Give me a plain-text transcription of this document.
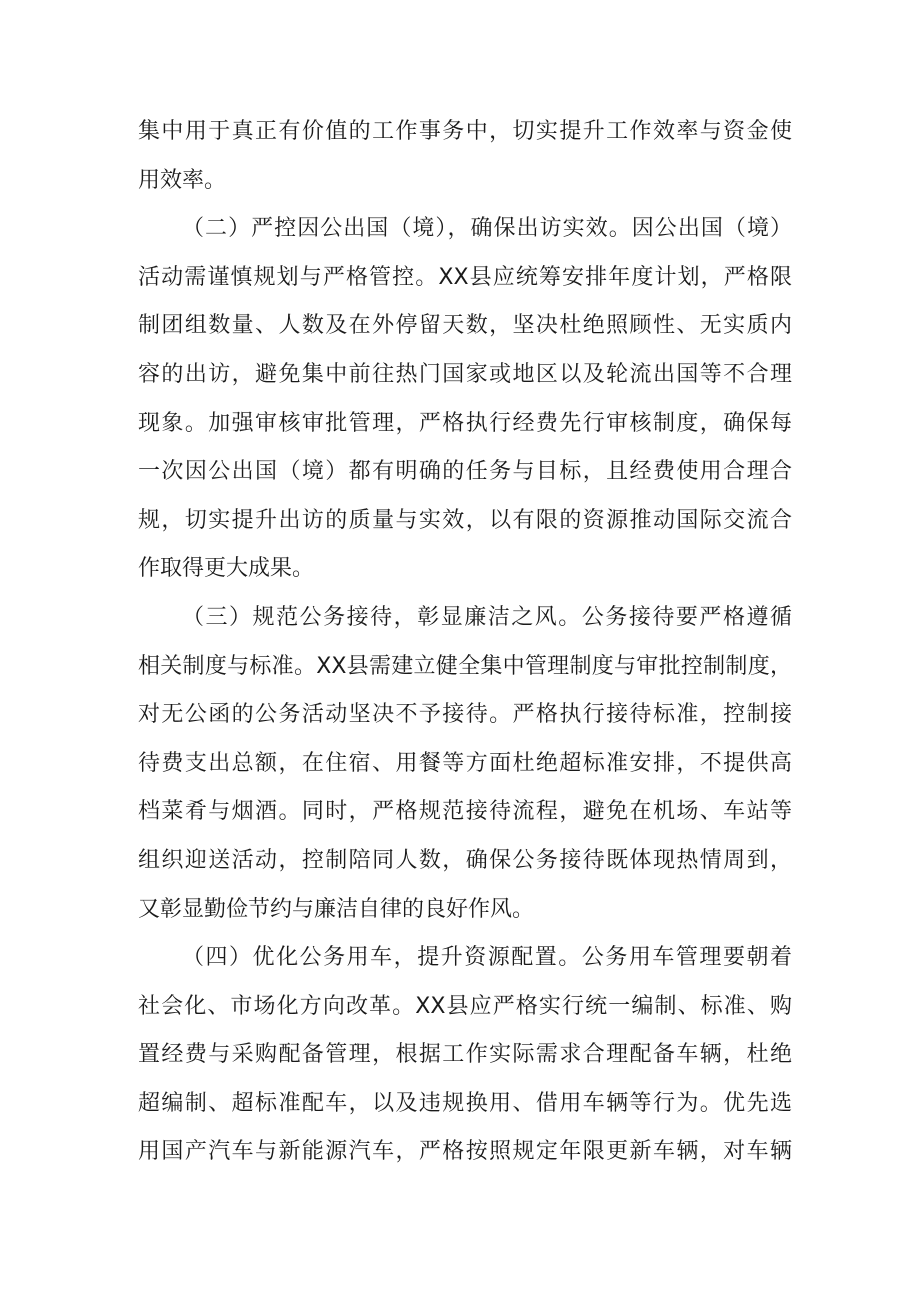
集中用于真正有价值的工作事务中，切实提升工作效率与资金使
用效率。
（二）严控因公出国（境），确保出访实效。因公出国（境）
活动需谨慎规划与严格管控。XX县应统筹安排年度计划，严格限
制团组数量、人数及在外停留天数，坚决杜绝照顾性、无实质内
容的出访，避免集中前往热门国家或地区以及轮流出国等不合理
现象。加强审核审批管理，严格执行经费先行审核制度，确保每
一次因公出国（境）都有明确的任务与目标，且经费使用合理合
规，切实提升出访的质量与实效，以有限的资源推动国际交流合
作取得更大成果。
（三）规范公务接待，彰显廉洁之风。公务接待要严格遵循
相关制度与标准。XX县需建立健全集中管理制度与审批控制制度，
对无公函的公务活动坚决不予接待。严格执行接待标准，控制接
待费支出总额，在住宿、用餐等方面杜绝超标准安排，不提供高
档菜肴与烟酒。同时，严格规范接待流程，避免在机场、车站等
组织迎送活动，控制陪同人数，确保公务接待既体现热情周到，
又彰显勤俭节约与廉洁自律的良好作风。
（四）优化公务用车，提升资源配置。公务用车管理要朝着
社会化、市场化方向改革。XX县应严格实行统一编制、标准、购
置经费与采购配备管理，根据工作实际需求合理配备车辆，杜绝
超编制、超标准配车，以及违规换用、借用车辆等行为。优先选
用国产汽车与新能源汽车，严格按照规定年限更新车辆，对车辆
